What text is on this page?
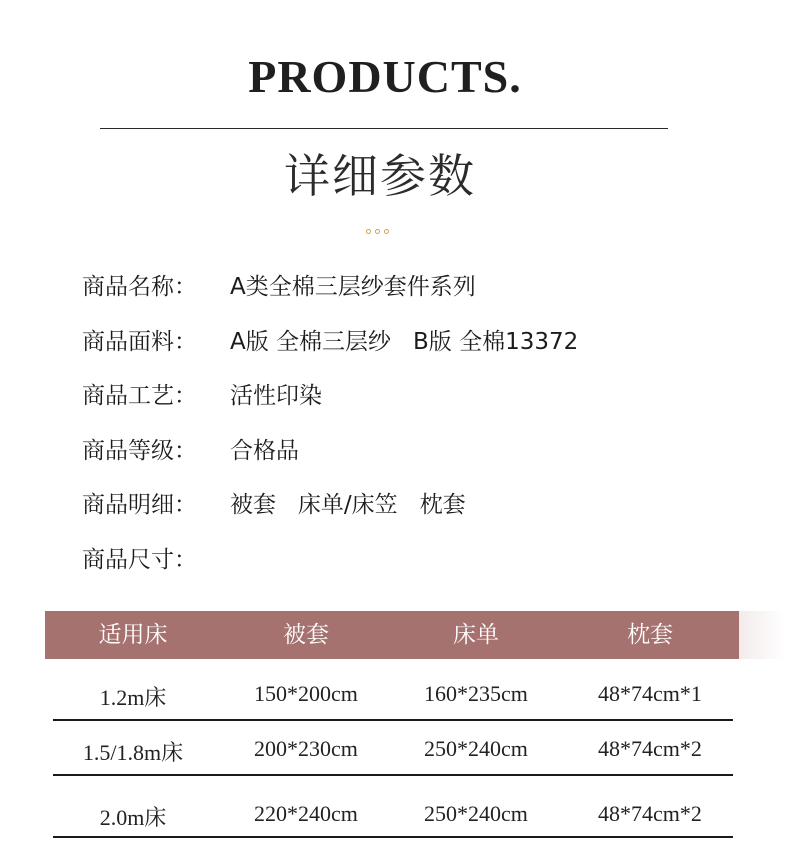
PRODUCTS.
详细参数
商品名称：	A类全棉三层纱套件系列
商品面料：	A版 全棉三层纱   B版 全棉13372
商品工艺：	活性印染
商品等级：	合格品
商品明细：	被套   床单/床笠   枕套
商品尺寸：
适用床	被套	床单	枕套
1.2m床	150*200cm	160*235cm	48*74cm*1
1.5/1.8m床	200*230cm	250*240cm	48*74cm*2
2.0m床	220*240cm	250*240cm	48*74cm*2
